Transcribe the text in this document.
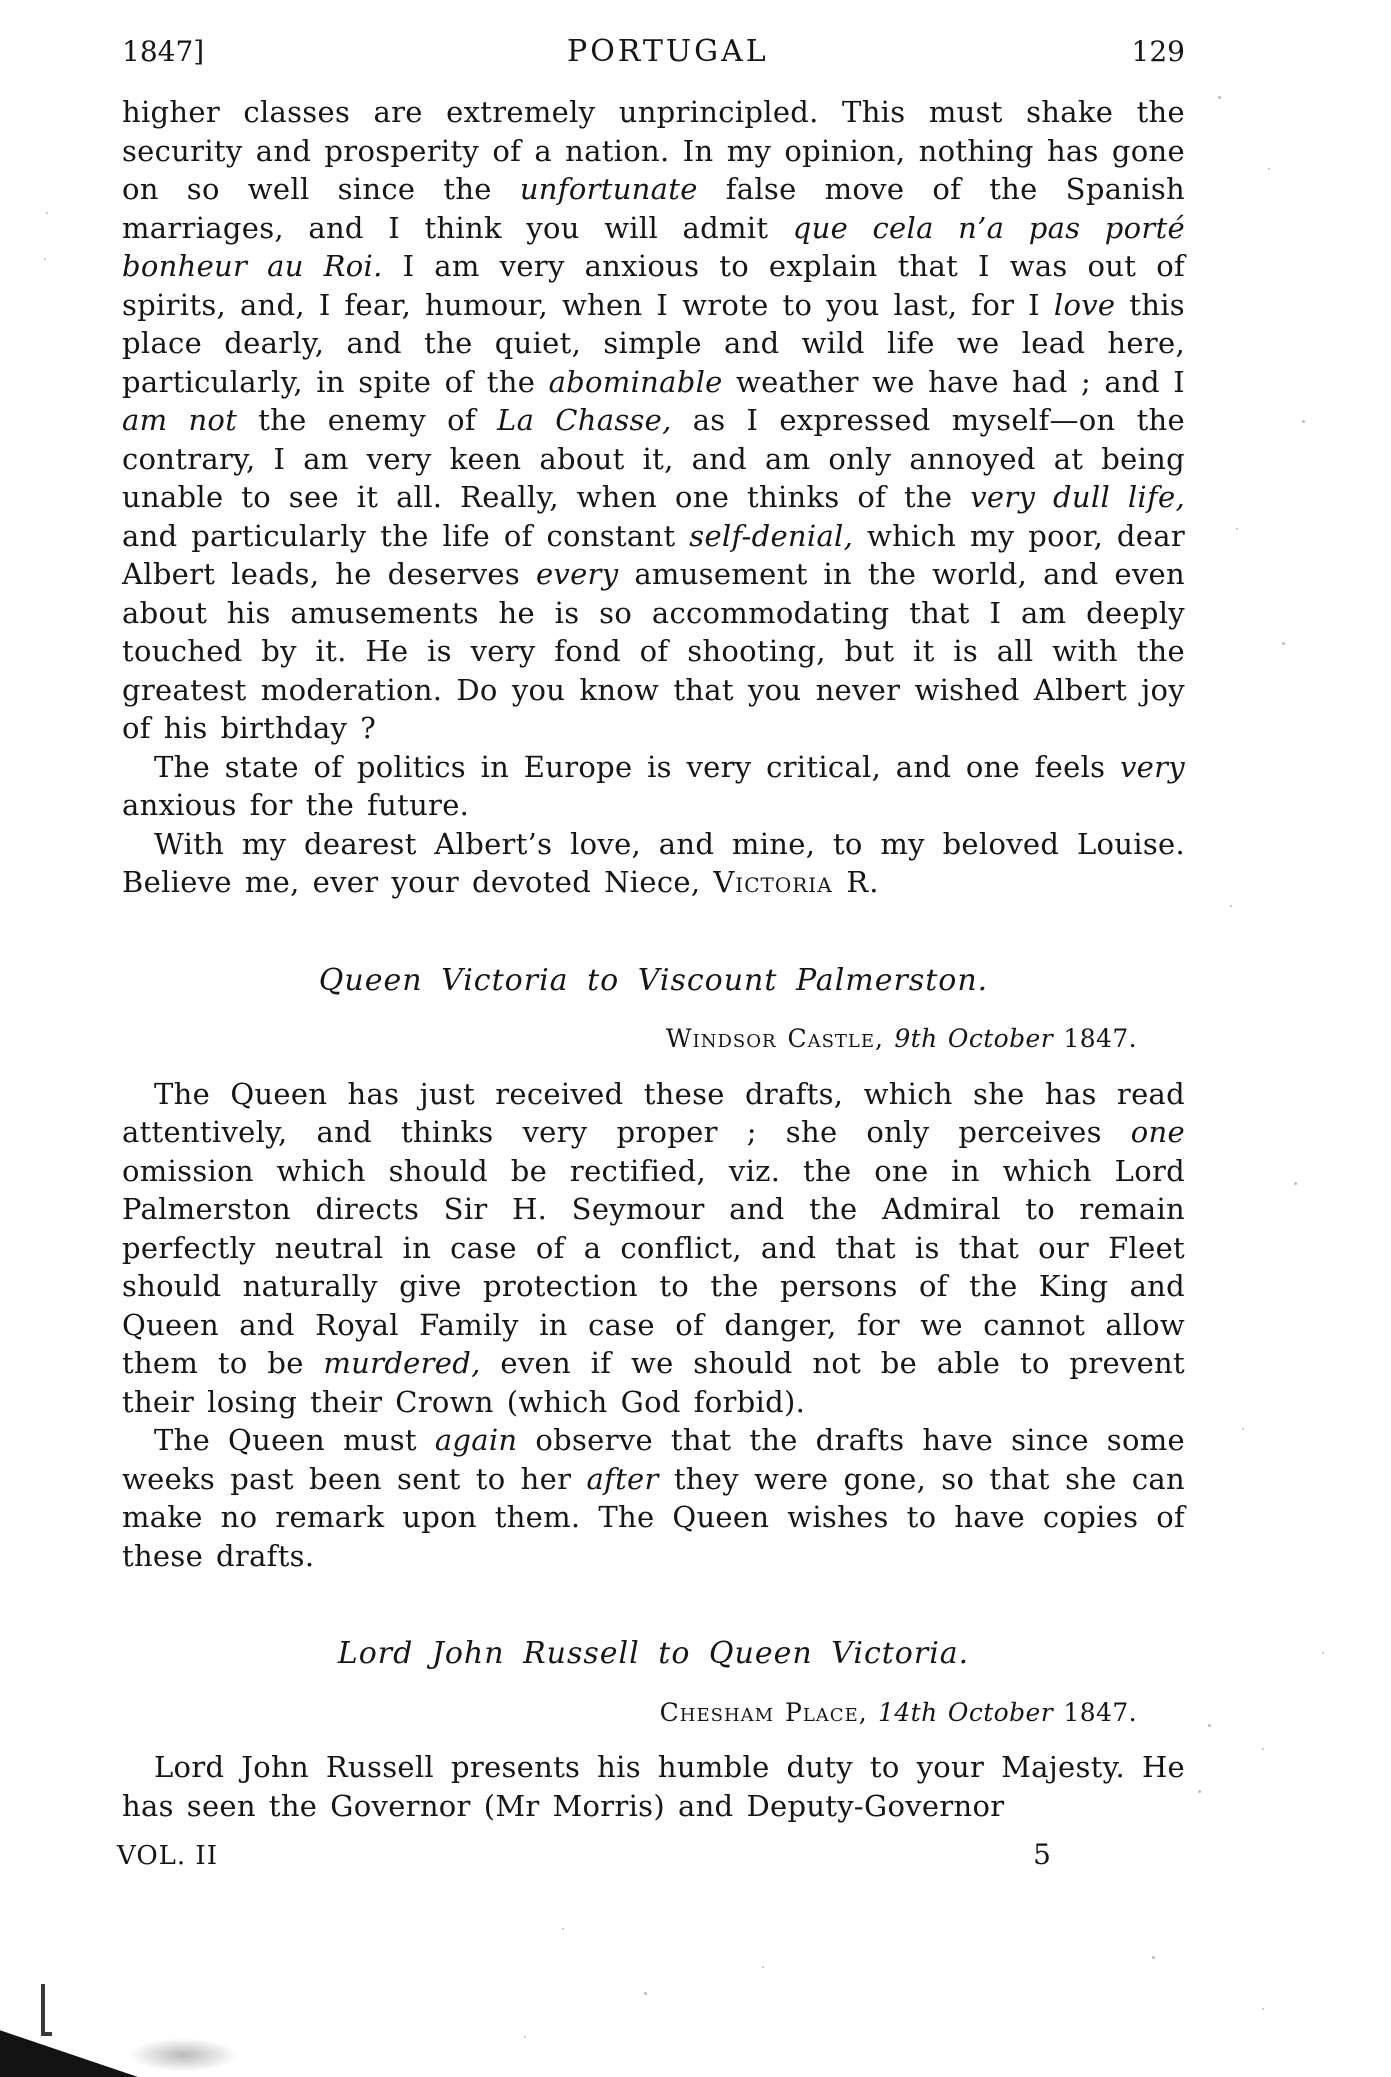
1847]	PORTUGAL	129

higher classes are extremely unprincipled. This must shake the security and prosperity of a nation. In my opinion, nothing has gone on so well since the unfortunate false move of the Spanish marriages, and I think you will admit que cela n’a pas porté bonheur au Roi. I am very anxious to explain that I was out of spirits, and, I fear, humour, when I wrote to you last, for I love this place dearly, and the quiet, simple and wild life we lead here, particularly, in spite of the abominable weather we have had ; and I am not the enemy of La Chasse, as I expressed myself—on the contrary, I am very keen about it, and am only annoyed at being unable to see it all. Really, when one thinks of the very dull life, and particularly the life of constant self-denial, which my poor, dear Albert leads, he deserves every amusement in the world, and even about his amusements he is so accommodating that I am deeply touched by it. He is very fond of shooting, but it is all with the greatest moderation. Do you know that you never wished Albert joy of his birthday ?

The state of politics in Europe is very critical, and one feels very anxious for the future.

With my dearest Albert’s love, and mine, to my beloved Louise. Believe me, ever your devoted Niece, Victoria R.

Queen Victoria to Viscount Palmerston.

Windsor Castle, 9th October 1847.

The Queen has just received these drafts, which she has read attentively, and thinks very proper ; she only perceives one omission which should be rectified, viz. the one in which Lord Palmerston directs Sir H. Seymour and the Admiral to remain perfectly neutral in case of a conflict, and that is that our Fleet should naturally give protection to the persons of the King and Queen and Royal Family in case of danger, for we cannot allow them to be murdered, even if we should not be able to prevent their losing their Crown (which God forbid).

The Queen must again observe that the drafts have since some weeks past been sent to her after they were gone, so that she can make no remark upon them. The Queen wishes to have copies of these drafts.

Lord John Russell to Queen Victoria.

Chesham Place, 14th October 1847.

Lord John Russell presents his humble duty to your Majesty. He has seen the Governor (Mr Morris) and Deputy-Governor

VOL. II	5
